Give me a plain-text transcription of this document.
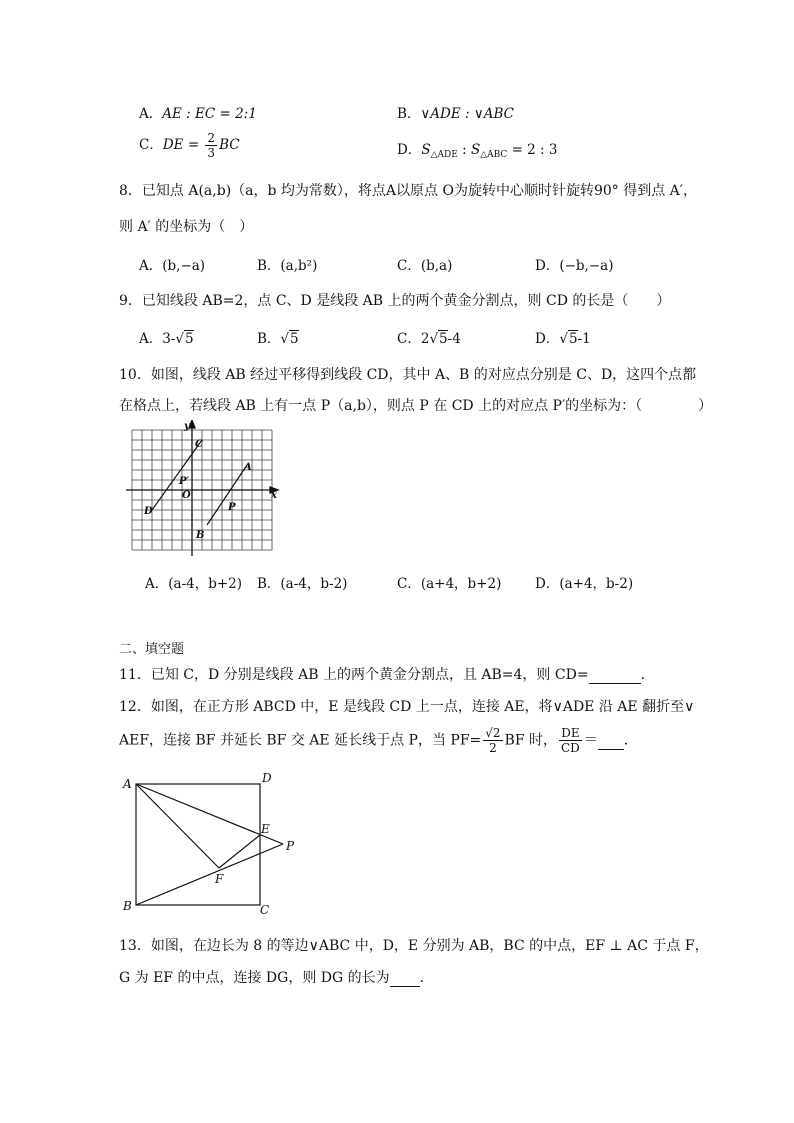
A．AE : EC = 2:1	B．∨ADE : ∨ABC
C．DE = $\frac{2}{3}$ BC	D．$S_{\triangle ADE}$ : $S_{\triangle ABC} = 2$ : 3
8．已知点 A(a,b)（a，b 均为常数），将点A以原点 O为旋转中心顺时针旋转90° 得到点 A′，
则 A′ 的坐标为（　）
A．(b,−a)	B．(a,b²)	C．(b,a)	D．(−b,−a)
9．已知线段 AB=2，点 C、D 是线段 AB 上的两个黄金分割点，则 CD 的长是（　　）
A．3-√5	B．√5	C．2√5-4	D．√5-1
10．如图，线段 AB 经过平移得到线段 CD，其中 A、B 的对应点分别是 C、D，这四个点都
在格点上，若线段 AB 上有一点 P（a,b），则点 P 在 CD 上的对应点 P′的坐标为：（　　　　）
y
x
C
A
P′
O
D	P
B
A．(a-4，b+2) B．(a-4，b-2)	C．(a+4，b+2) D．(a+4，b-2)
二、填空题
11．已知 C，D 分别是线段 AB 上的两个黄金分割点，且 AB=4，则 CD=	.
12．如图，在正方形 ABCD 中，E 是线段 CD 上一点，连接 AE，将∨ADE 沿 AE 翻折至∨
AEF，连接 BF 并延长 BF 交 AE 延长线于点 P，当 $PF= \frac{√2}{2}$ BF 时， $\frac{DE}{CD}$ ＝ ．
A	D
E
P
F
B	C
13．如图，在边长为 8 的等边∨ABC 中，D，E 分别为 AB，BC 的中点，EF ⊥ AC 于点 F，
G 为 EF 的中点，连接 DG，则 DG 的长为 ．
